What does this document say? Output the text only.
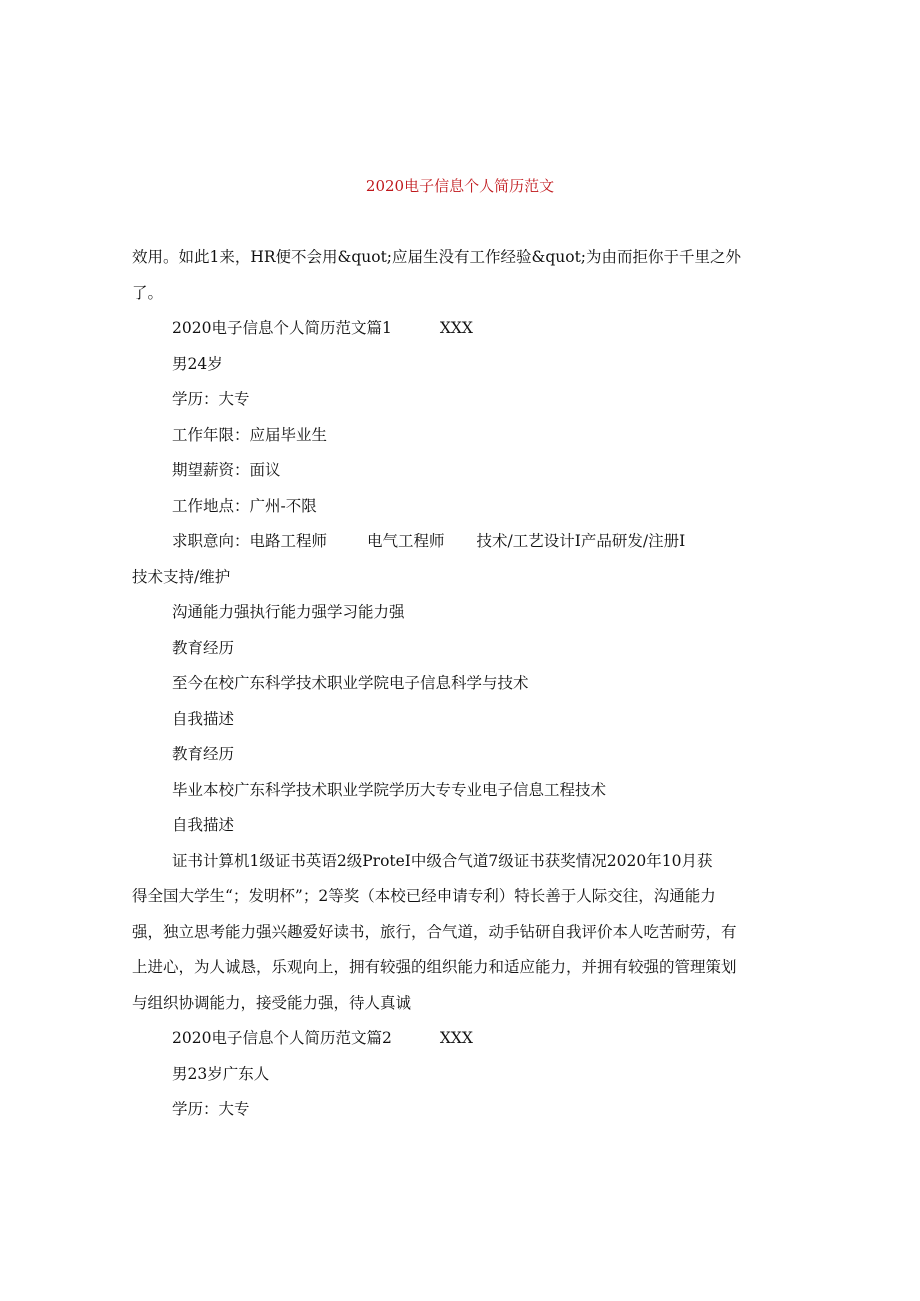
2020电子信息个人简历范文

效用。如此1来，HR便不会用&quot;应届生没有工作经验&quot;为由而拒你于千里之外

了。

2020电子信息个人简历范文篇1	XXX

男24岁

学历：大专

工作年限：应届毕业生

期望薪资：面议

工作地点：广州-不限

求职意向：电路工程师	电气工程师 技术/工艺设计Ⅰ产品研发/注册Ⅰ

技术支持/维护

沟通能力强执行能力强学习能力强

教育经历

至今在校广东科学技术职业学院电子信息科学与技术

自我描述

教育经历

毕业本校广东科学技术职业学院学历大专专业电子信息工程技术

自我描述

证书计算机1级证书英语2级ProteI中级合气道7级证书获奖情况2020年10月获

得全国大学生“；发明杯”；2等奖（本校已经申请专利）特长善于人际交往，沟通能力

强，独立思考能力强兴趣爱好读书，旅行，合气道，动手钻研自我评价本人吃苦耐劳，有

上进心，为人诚恳，乐观向上，拥有较强的组织能力和适应能力，并拥有较强的管理策划

与组织协调能力，接受能力强，待人真诚

2020电子信息个人简历范文篇2	XXX

男23岁广东人

学历：大专
